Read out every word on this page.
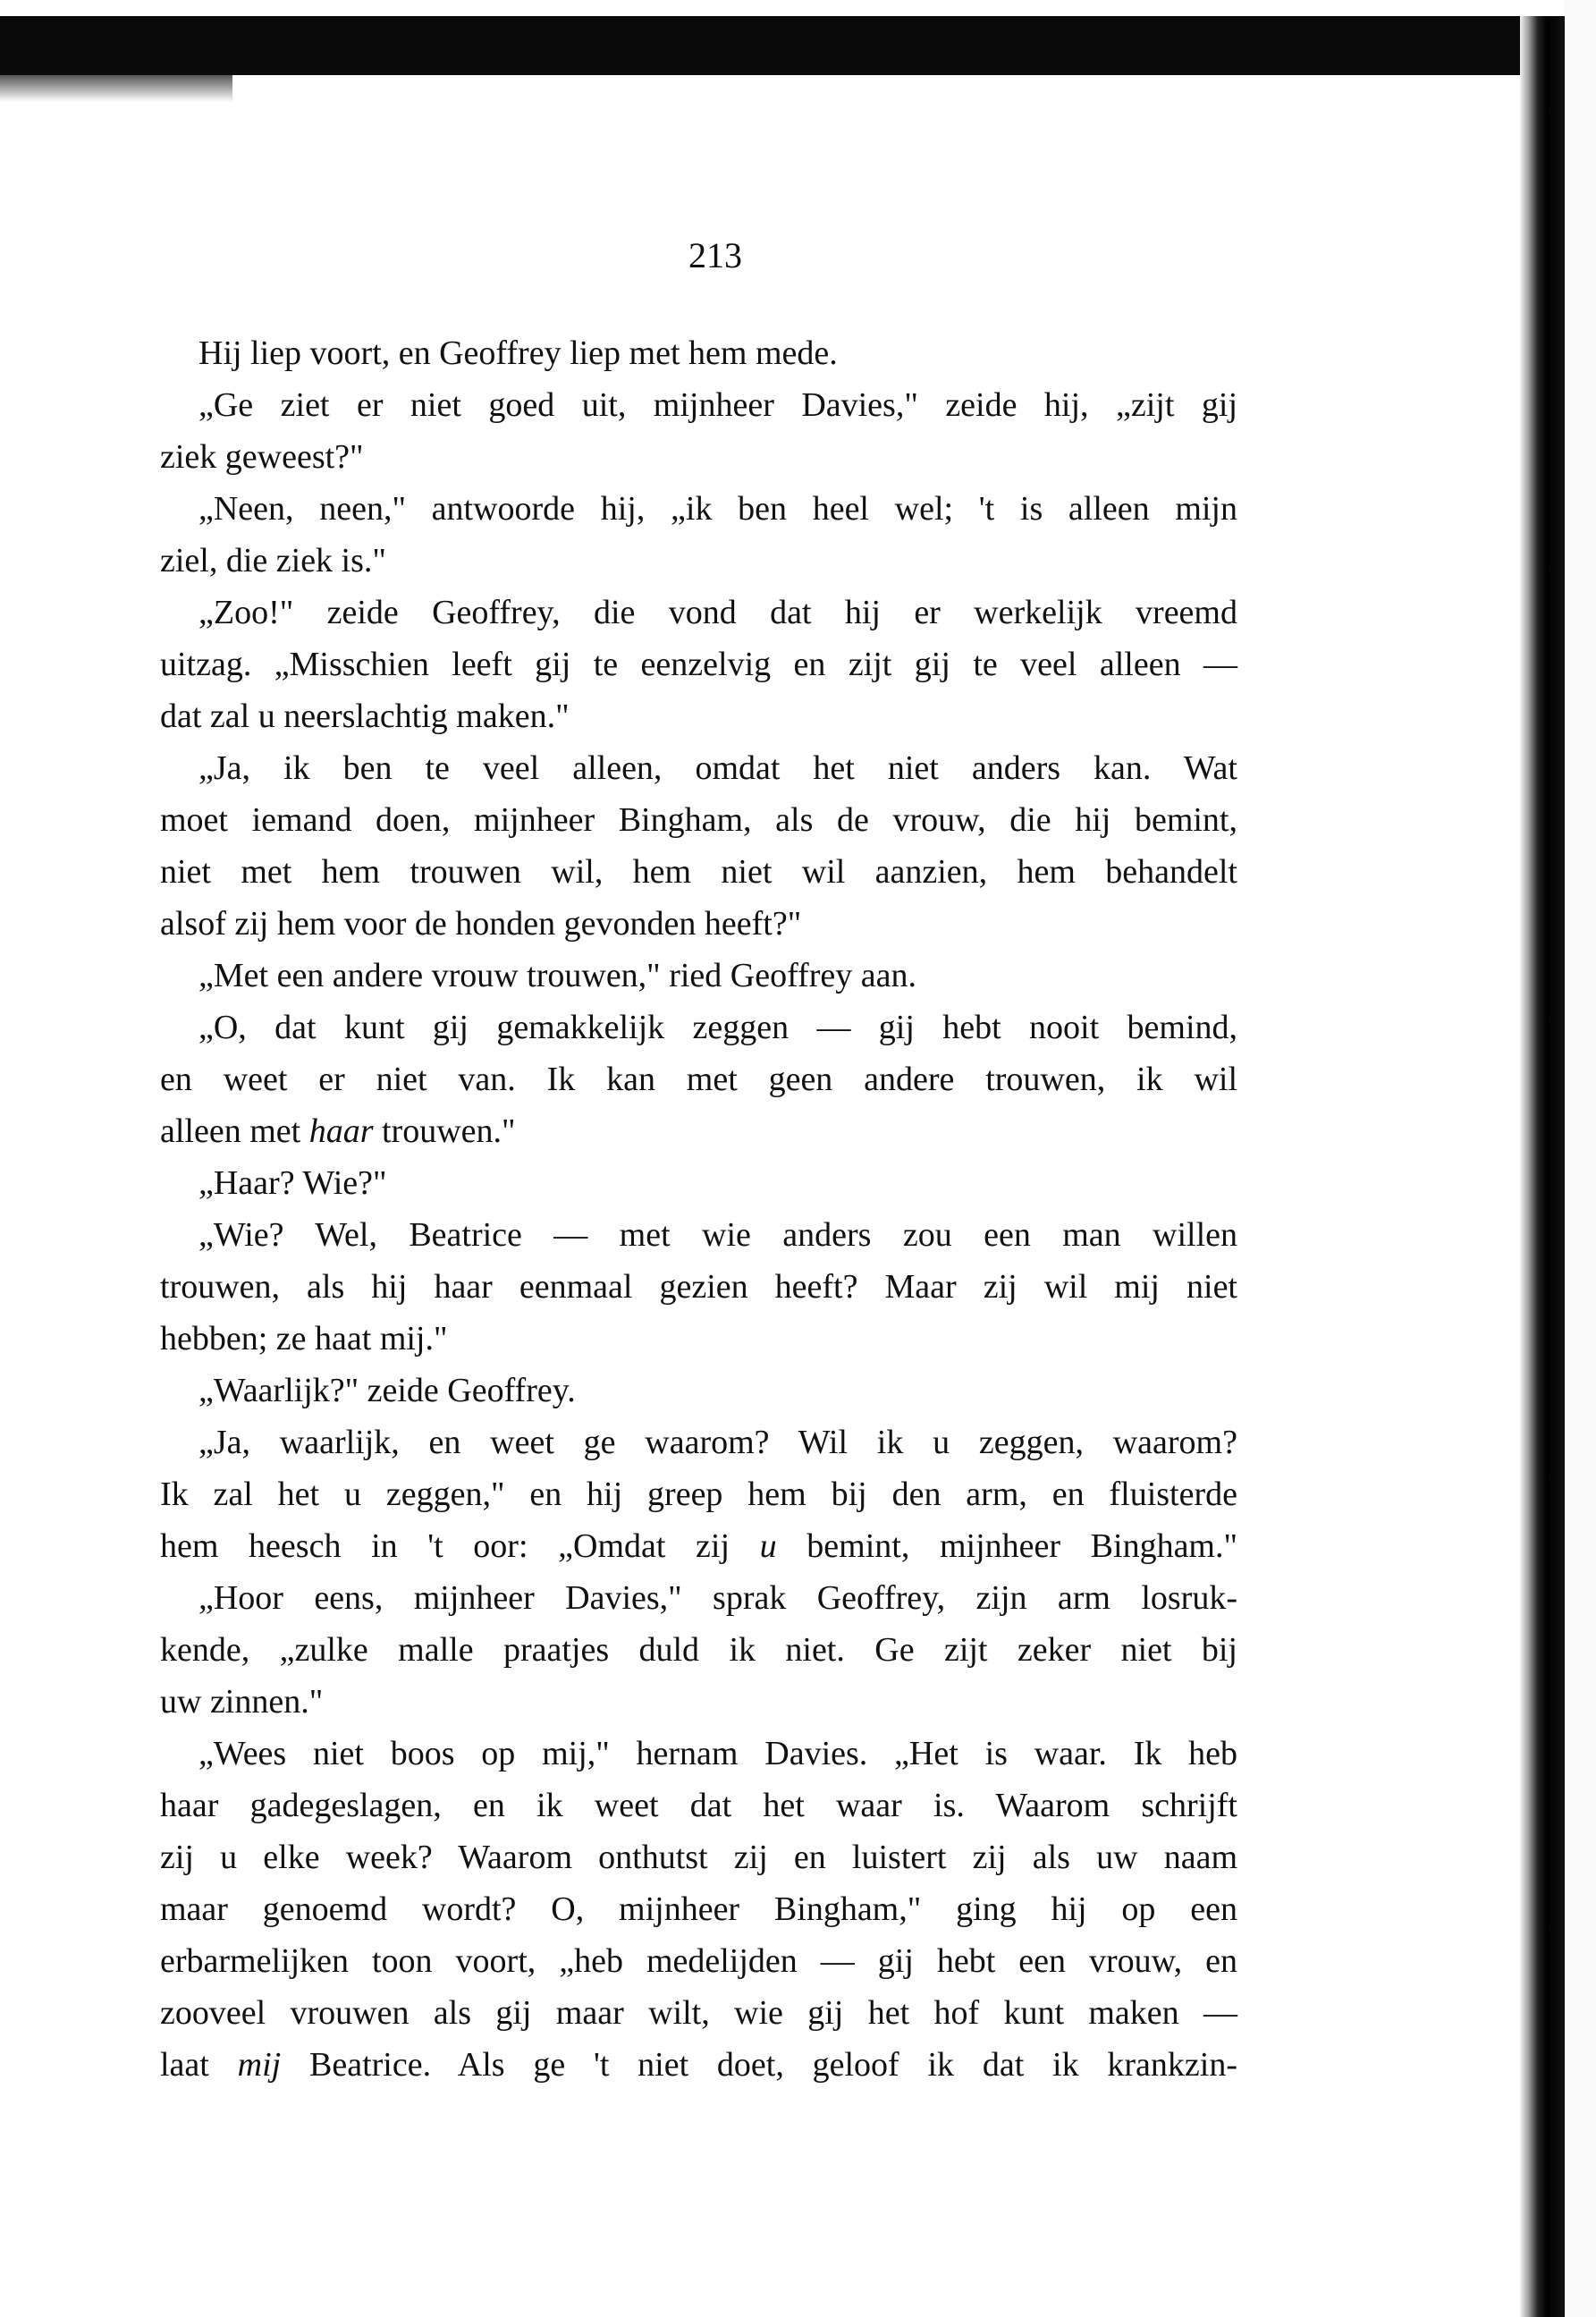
213
Hij liep voort, en Geoffrey liep met hem mede.
„Ge ziet er niet goed uit, mijnheer Davies," zeide hij, „zijt gij
ziek geweest?"
„Neen, neen," antwoorde hij, „ik ben heel wel; 't is alleen mijn
ziel, die ziek is."
„Zoo!" zeide Geoffrey, die vond dat hij er werkelijk vreemd
uitzag. „Misschien leeft gij te eenzelvig en zijt gij te veel alleen —
dat zal u neerslachtig maken."
„Ja, ik ben te veel alleen, omdat het niet anders kan. Wat
moet iemand doen, mijnheer Bingham, als de vrouw, die hij bemint,
niet met hem trouwen wil, hem niet wil aanzien, hem behandelt
alsof zij hem voor de honden gevonden heeft?"
„Met een andere vrouw trouwen," ried Geoffrey aan.
„O, dat kunt gij gemakkelijk zeggen — gij hebt nooit bemind,
en weet er niet van. Ik kan met geen andere trouwen, ik wil
alleen met haar trouwen."
„Haar? Wie?"
„Wie? Wel, Beatrice — met wie anders zou een man willen
trouwen, als hij haar eenmaal gezien heeft? Maar zij wil mij niet
hebben; ze haat mij."
„Waarlijk?" zeide Geoffrey.
„Ja, waarlijk, en weet ge waarom? Wil ik u zeggen, waarom?
Ik zal het u zeggen," en hij greep hem bij den arm, en fluisterde
hem heesch in 't oor: „Omdat zij u bemint, mijnheer Bingham."
„Hoor eens, mijnheer Davies," sprak Geoffrey, zijn arm losruk-
kende, „zulke malle praatjes duld ik niet. Ge zijt zeker niet bij
uw zinnen."
„Wees niet boos op mij," hernam Davies. „Het is waar. Ik heb
haar gadegeslagen, en ik weet dat het waar is. Waarom schrijft
zij u elke week? Waarom onthutst zij en luistert zij als uw naam
maar genoemd wordt? O, mijnheer Bingham," ging hij op een
erbarmelijken toon voort, „heb medelijden — gij hebt een vrouw, en
zooveel vrouwen als gij maar wilt, wie gij het hof kunt maken —
laat mij Beatrice. Als ge 't niet doet, geloof ik dat ik krankzin-
